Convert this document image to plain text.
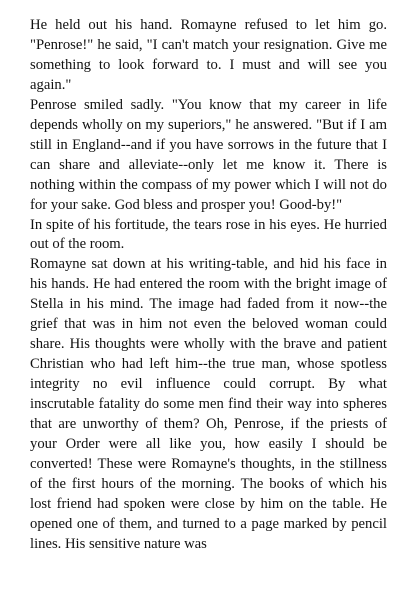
He held out his hand. Romayne refused to let him go. "Penrose!" he said, "I can't match your resignation. Give me something to look forward to. I must and will see you again."

Penrose smiled sadly. "You know that my career in life depends wholly on my superiors," he answered. "But if I am still in England--and if you have sorrows in the future that I can share and alleviate--only let me know it. There is nothing within the compass of my power which I will not do for your sake. God bless and prosper you! Good-by!"

In spite of his fortitude, the tears rose in his eyes. He hurried out of the room.

Romayne sat down at his writing-table, and hid his face in his hands. He had entered the room with the bright image of Stella in his mind. The image had faded from it now--the grief that was in him not even the beloved woman could share. His thoughts were wholly with the brave and patient Christian who had left him--the true man, whose spotless integrity no evil influence could corrupt. By what inscrutable fatality do some men find their way into spheres that are unworthy of them? Oh, Penrose, if the priests of your Order were all like you, how easily I should be converted! These were Romayne's thoughts, in the stillness of the first hours of the morning. The books of which his lost friend had spoken were close by him on the table. He opened one of them, and turned to a page marked by pencil lines. His sensitive nature was
